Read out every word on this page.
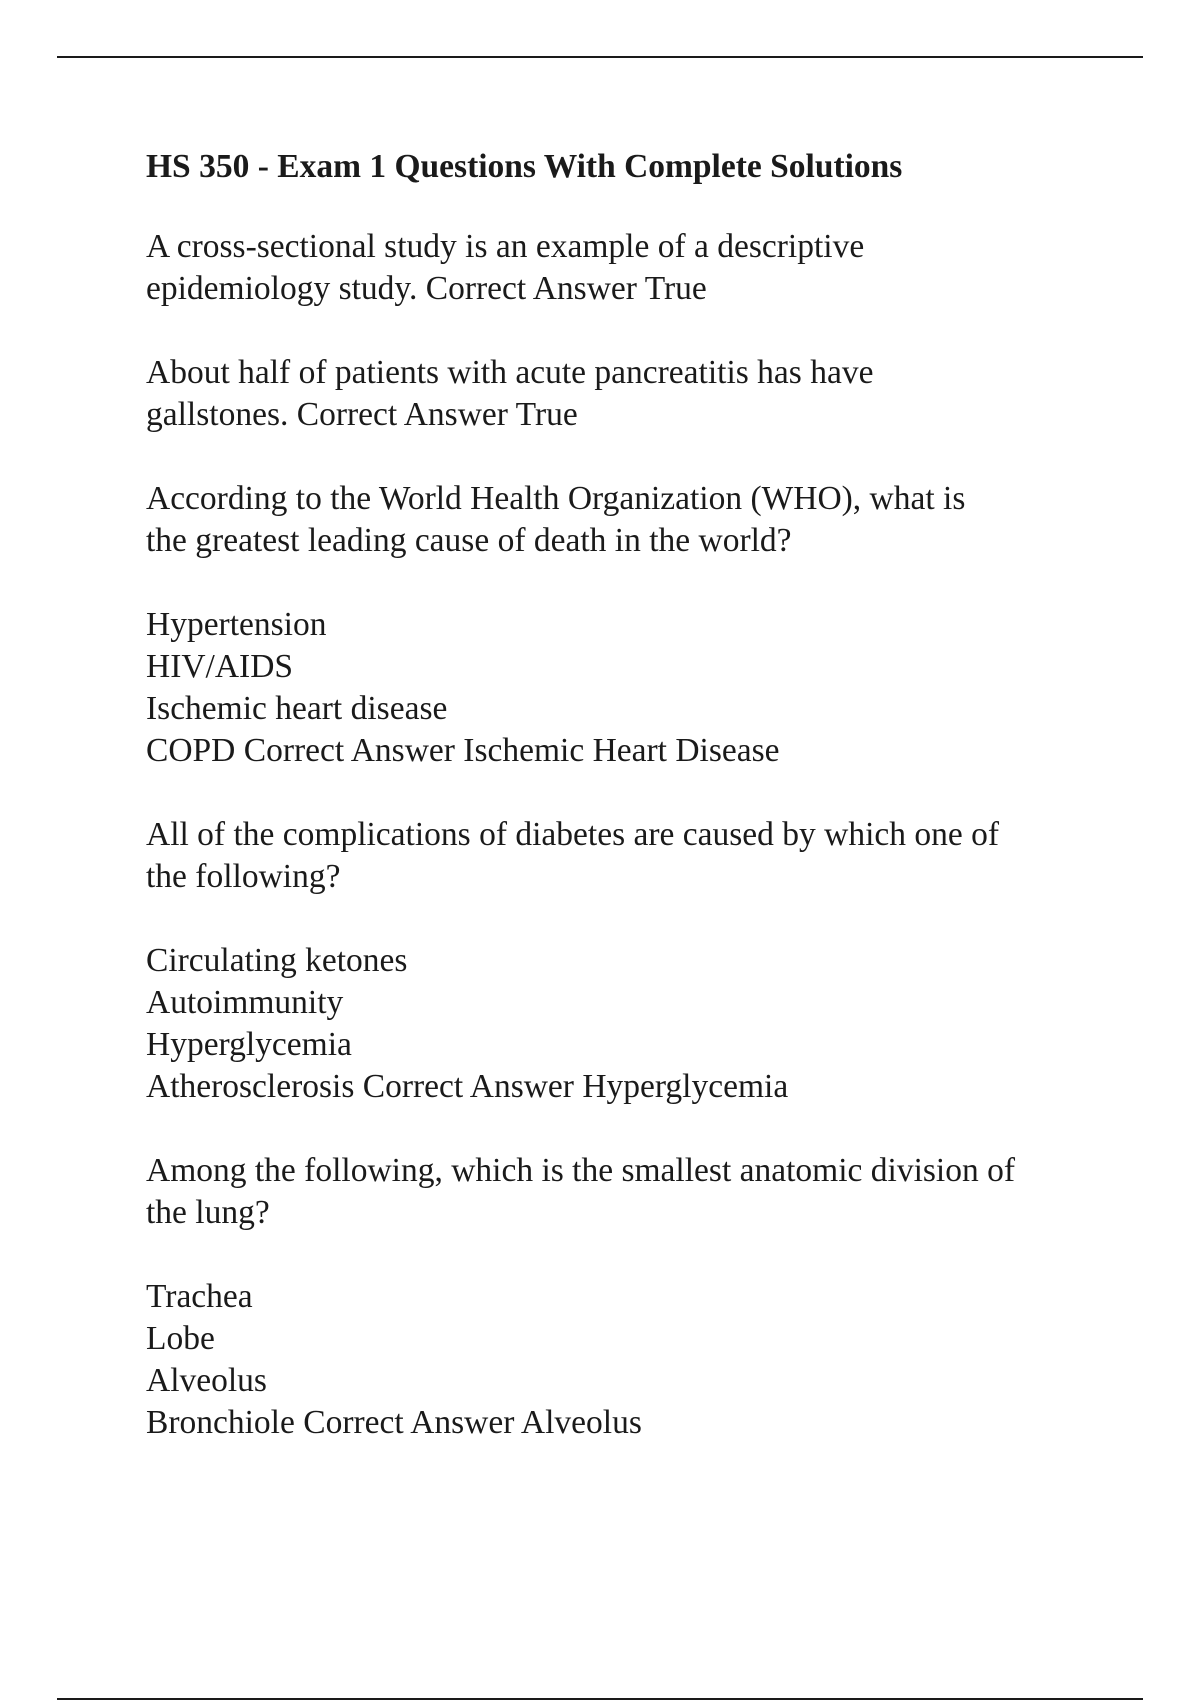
HS 350 - Exam 1 Questions With Complete Solutions
A cross-sectional study is an example of a descriptive
epidemiology study. Correct Answer True
About half of patients with acute pancreatitis has have
gallstones. Correct Answer True
According to the World Health Organization (WHO), what is
the greatest leading cause of death in the world?
Hypertension
HIV/AIDS
Ischemic heart disease
COPD Correct Answer Ischemic Heart Disease
All of the complications of diabetes are caused by which one of
the following?
Circulating ketones
Autoimmunity
Hyperglycemia
Atherosclerosis Correct Answer Hyperglycemia
Among the following, which is the smallest anatomic division of
the lung?
Trachea
Lobe
Alveolus
Bronchiole Correct Answer Alveolus
